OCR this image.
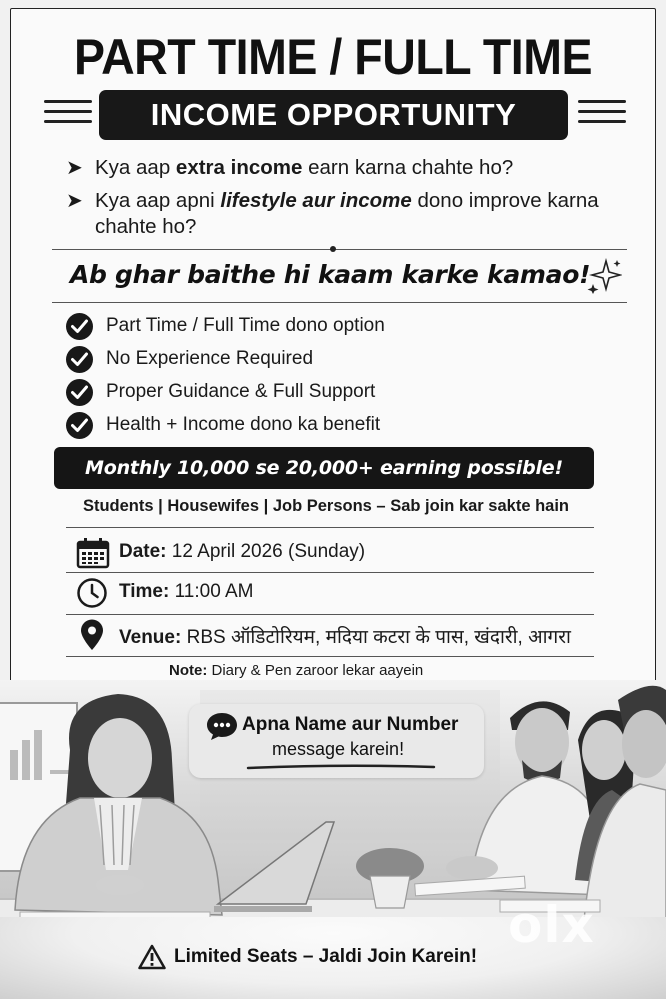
PART TIME / FULL TIME
INCOME OPPORTUNITY
➤ Kya aap extra income earn karna chahte ho?
➤ Kya aap apni lifestyle aur income dono improve karna chahte ho?
Ab ghar baithe hi kaam karke kamao!
Part Time / Full Time dono option
No Experience Required
Proper Guidance & Full Support
Health + Income dono ka benefit
Monthly 10,000 se 20,000+ earning possible!
Students | Housewifes | Job Persons – Sab join kar sakte hain
Date: 12 April 2026 (Sunday)
Time: 11:00 AM
Venue: RBS ऑडिटोरियम, मदिया कटरा के पास, खंदारी, आगरा
Note: Diary & Pen zaroor lekar aayein
Apna Name aur Number
message karein!
Limited Seats – Jaldi Join Karein!
olx
